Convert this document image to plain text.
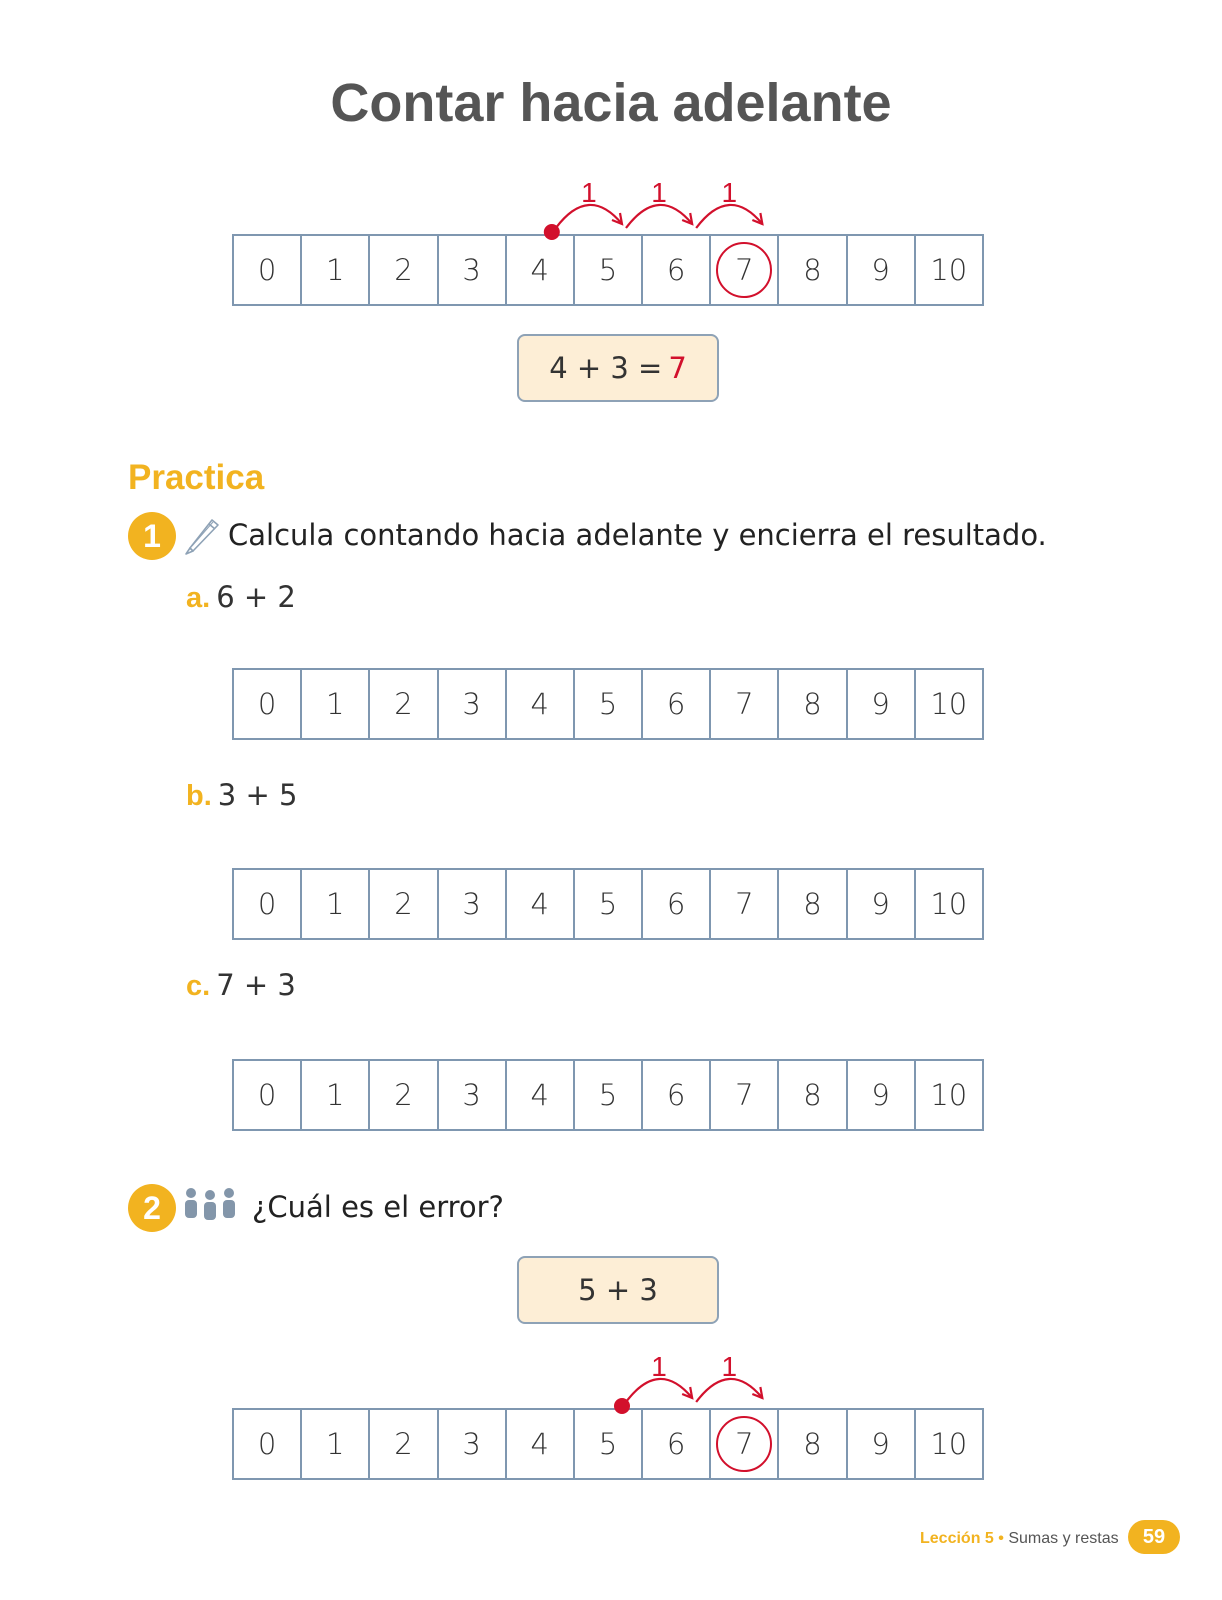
Contar hacia adelante
0 1 2 3 4 5 6 7 8 9 10
4 + 3 = 7
Practica
1	Calcula contando hacia adelante y encierra el resultado.
a. 6 + 2
0 1 2 3 4 5 6 7 8 9 10
b. 3 + 5
0 1 2 3 4 5 6 7 8 9 10
c. 7 + 3
0 1 2 3 4 5 6 7 8 9 10
2	¿Cuál es el error?
5 + 3
0 1 2 3 4 5 6 7 8 9 10
1 1 1
1 1
Lección 5 • Sumas y restas	59
